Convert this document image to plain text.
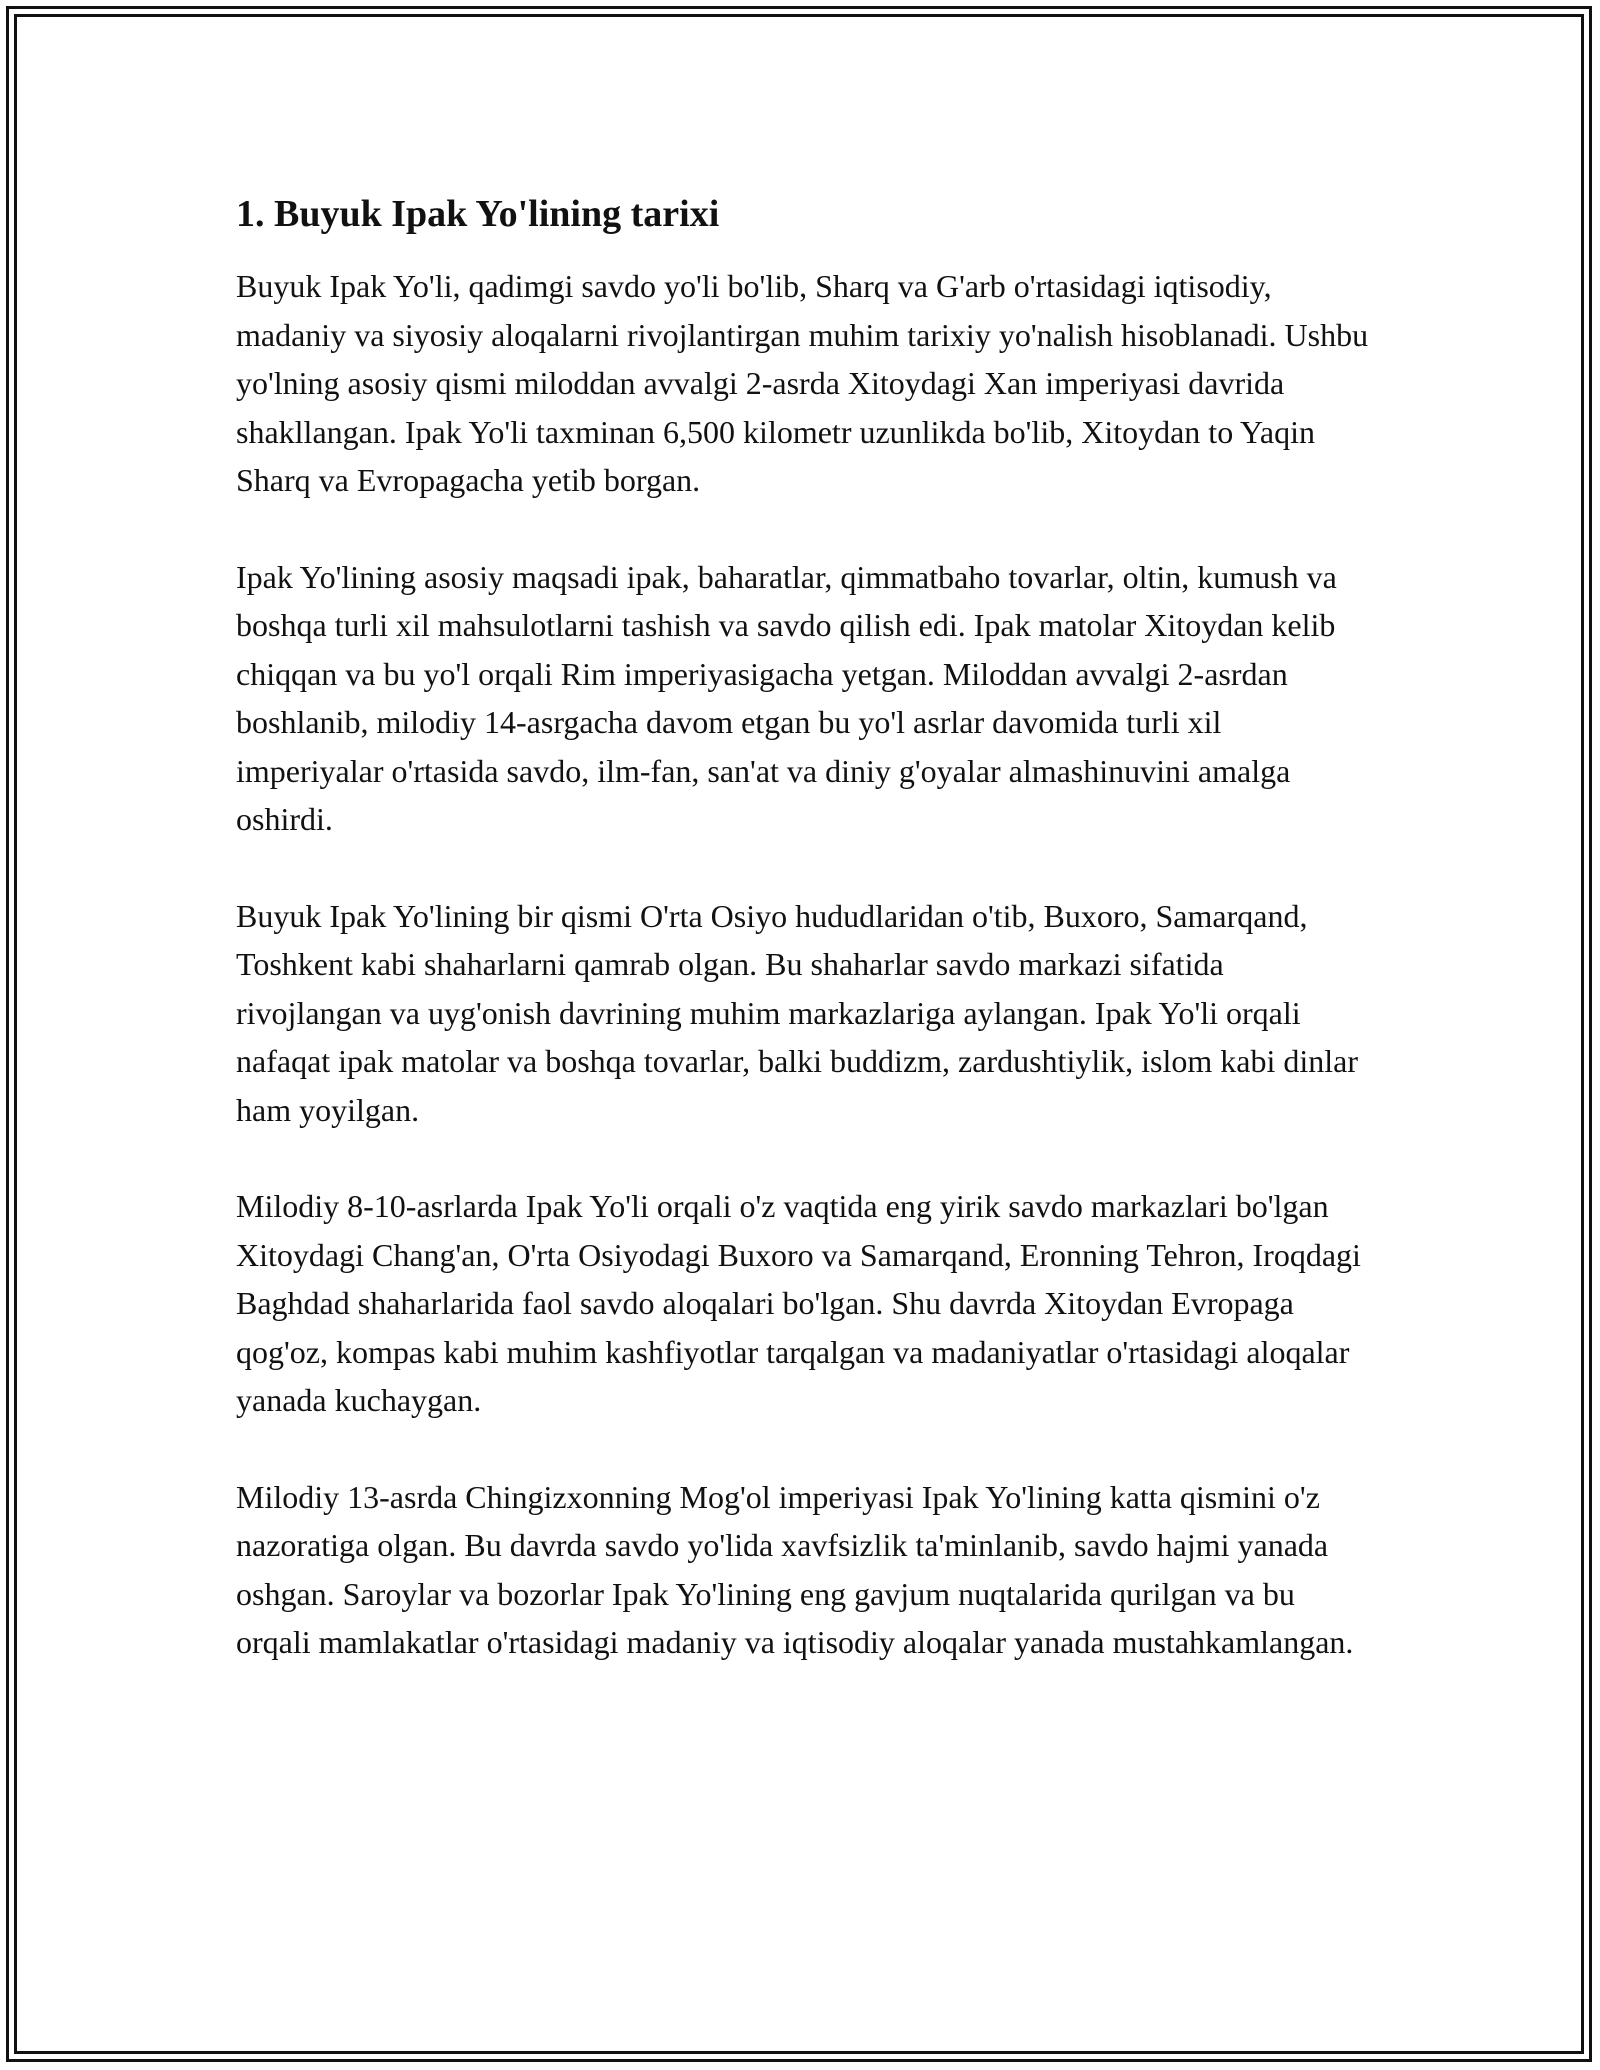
1. Buyuk Ipak Yo'lining tarixi

Buyuk Ipak Yo'li, qadimgi savdo yo'li bo'lib, Sharq va G'arb o'rtasidagi iqtisodiy, madaniy va siyosiy aloqalarni rivojlantirgan muhim tarixiy yo'nalish hisoblanadi. Ushbu yo'lning asosiy qismi miloddan avvalgi 2-asrda Xitoydagi Xan imperiyasi davrida shakllangan. Ipak Yo'li taxminan 6,500 kilometr uzunlikda bo'lib, Xitoydan to Yaqin Sharq va Evropagacha yetib borgan.

Ipak Yo'lining asosiy maqsadi ipak, baharatlar, qimmatbaho tovarlar, oltin, kumush va boshqa turli xil mahsulotlarni tashish va savdo qilish edi. Ipak matolar Xitoydan kelib chiqqan va bu yo'l orqali Rim imperiyasigacha yetgan. Miloddan avvalgi 2-asrdan boshlanib, milodiy 14-asrgacha davom etgan bu yo'l asrlar davomida turli xil imperiyalar o'rtasida savdo, ilm-fan, san'at va diniy g'oyalar almashinuvini amalga oshirdi.

Buyuk Ipak Yo'lining bir qismi O'rta Osiyo hududlaridan o'tib, Buxoro, Samarqand, Toshkent kabi shaharlarni qamrab olgan. Bu shaharlar savdo markazi sifatida rivojlangan va uyg'onish davrining muhim markazlariga aylangan. Ipak Yo'li orqali nafaqat ipak matolar va boshqa tovarlar, balki buddizm, zardushtiylik, islom kabi dinlar ham yoyilgan.

Milodiy 8-10-asrlarda Ipak Yo'li orqali o'z vaqtida eng yirik savdo markazlari bo'lgan Xitoydagi Chang'an, O'rta Osiyodagi Buxoro va Samarqand, Eronning Tehron, Iroqdagi Baghdad shaharlarida faol savdo aloqalari bo'lgan. Shu davrda Xitoydan Evropaga qog'oz, kompas kabi muhim kashfiyotlar tarqalgan va madaniyatlar o'rtasidagi aloqalar yanada kuchaygan.

Milodiy 13-asrda Chingizxonning Mog'ol imperiyasi Ipak Yo'lining katta qismini o'z nazoratiga olgan. Bu davrda savdo yo'lida xavfsizlik ta'minlanib, savdo hajmi yanada oshgan. Saroylar va bozorlar Ipak Yo'lining eng gavjum nuqtalarida qurilgan va bu orqali mamlakatlar o'rtasidagi madaniy va iqtisodiy aloqalar yanada mustahkamlangan.
